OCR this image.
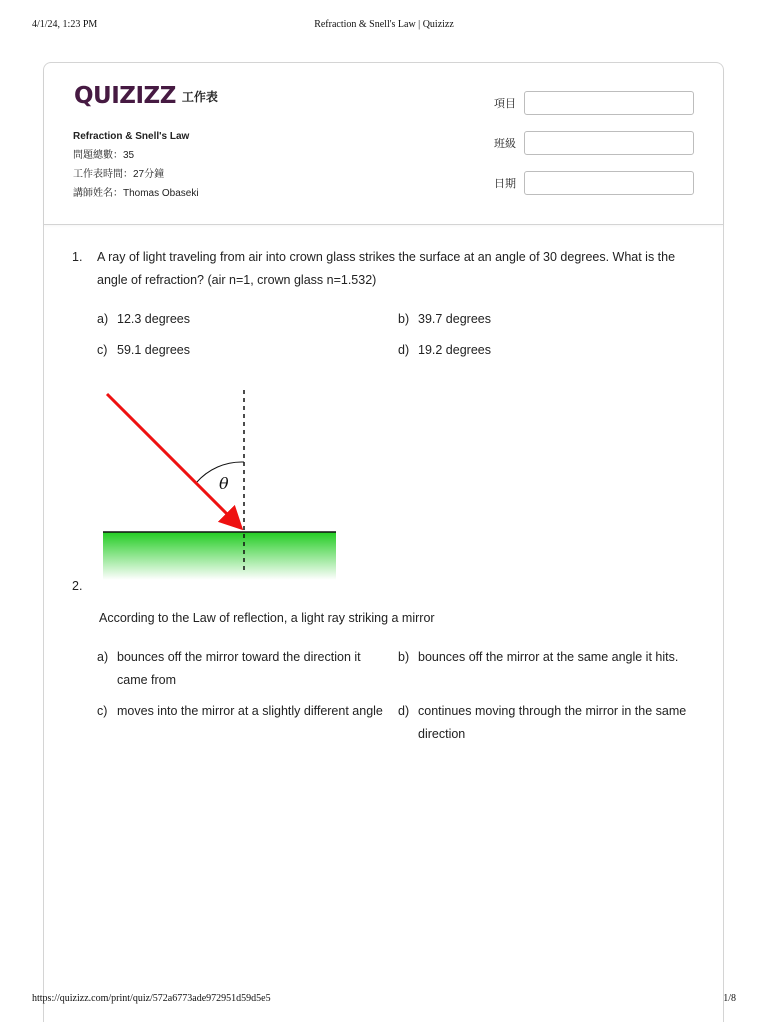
4/1/24, 1:23 PM	Refraction & Snell's Law | Quizizz
QUIZIZZ 工作表
Refraction & Snell's Law
問題總數：35
工作表時間：27分鐘
講師姓名：Thomas Obaseki
項目
班級
日期
1. A ray of light traveling from air into crown glass strikes the surface at an angle of 30 degrees. What is the angle of refraction? (air n=1, crown glass n=1.532)
a) 12.3 degrees	b) 39.7 degrees
c) 59.1 degrees	d) 19.2 degrees
θ
2.
According to the Law of reflection, a light ray striking a mirror
a) bounces off the mirror toward the direction it came from
b) bounces off the mirror at the same angle it hits.
c) moves into the mirror at a slightly different angle	d) continues moving through the mirror in the same direction
https://quizizz.com/print/quiz/572a6773ade972951d59d5e5	1/8
